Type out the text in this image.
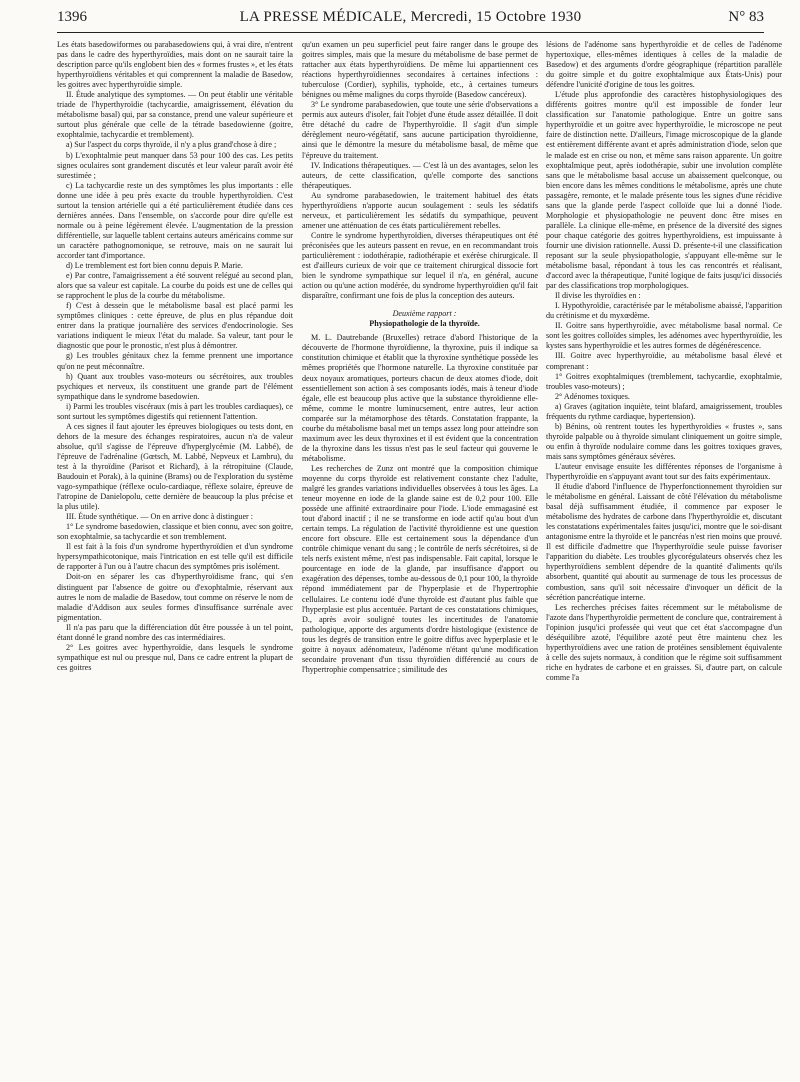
1396	LA PRESSE MÉDICALE, Mercredi, 15 Octobre 1930	N° 83

Les états basedowiformes ou parabasedowiens qui, à vrai dire, n'entrent pas dans le cadre des hyperthyroïdies, mais dont on ne saurait taire la description parce qu'ils englobent bien des « formes frustes », et les états hyperthyroïdiens véritables et qui comprennent la maladie de Basedow, les goitres avec hyperthyroïdie simple.

II. Étude analytique des symptomes. — On peut établir une véritable triade de l'hyperthyroïdie (tachycardie, amaigrissement, élévation du métabolisme basal) qui, par sa constance, prend une valeur supérieure et surtout plus générale que celle de la tétrade basedowienne (goitre, exophtalmie, tachycardie et tremblement).

a) Sur l'aspect du corps thyroïde, il n'y a plus grand'chose à dire ;

b) L'exophtalmie peut manquer dans 53 pour 100 des cas. Les petits signes oculaires sont grandement discutés et leur valeur paraît avoir été surestimée ;

c) La tachycardie reste un des symptômes les plus importants : elle donne une idée à peu près exacte du trouble hyperthyroïdien. C'est surtout la tension artérielle qui a été particulièrement étudiée dans ces dernières années. Dans l'ensemble, on s'accorde pour dire qu'elle est normale ou à peine légèrement élevée. L'augmentation de la pression différentielle, sur laquelle tablent certains auteurs américains comme sur un caractère pathognomonique, se retrouve, mais on ne saurait lui accorder tant d'importance.

d) Le tremblement est fort bien connu depuis P. Marie.

e) Par contre, l'amaigrissement a été souvent relégué au second plan, alors que sa valeur est capitale. La courbe du poids est une de celles qui se rapprochent le plus de la courbe du métabolisme.

f) C'est à dessein que le métabolisme basal est placé parmi les symptômes cliniques : cette épreuve, de plus en plus répandue doit entrer dans la pratique journalière des services d'endocrinologie. Ses variations indiquent le mieux l'état du malade. Sa valeur, tant pour le diagnostic que pour le pronostic, n'est plus à démontrer.

g) Les troubles génitaux chez la femme prennent une importance qu'on ne peut méconnaître.

h) Quant aux troubles vaso-moteurs ou sécrétoires, aux troubles psychiques et nerveux, ils constituent une grande part de l'élément sympathique dans le syndrome basedowien.

i) Parmi les troubles viscéraux (mis à part les troubles cardiaques), ce sont surtout les symptômes digestifs qui retiennent l'attention.

A ces signes il faut ajouter les épreuves biologiques ou tests dont, en dehors de la mesure des échanges respiratoires, aucun n'a de valeur absolue, qu'il s'agisse de l'épreuve d'hyperglycémie (M. Labbé), de l'épreuve de l'adrénaline (Gœtsch, M. Labbé, Nepveux et Lambru), du test à la thyroïdine (Parisot et Richard), à la rétropituine (Claude, Baudouin et Porak), à la quinine (Brams) ou de l'exploration du système vago-sympathique (réflexe oculo-cardiaque, réflexe solaire, épreuve de l'atropine de Danielopolu, cette dernière de beaucoup la plus précise et la plus utile).

III. Étude synthétique. — On en arrive donc à distinguer :

1° Le syndrome basedowien, classique et bien connu, avec son goitre, son exophtalmie, sa tachycardie et son tremblement.

Il est fait à la fois d'un syndrome hyperthyroïdien et d'un syndrome hypersympathicotonique, mais l'intrication en est telle qu'il est difficile de rapporter à l'un ou à l'autre chacun des symptômes pris isolément.

Doit-on en séparer les cas d'hyperthyroïdisme franc, qui s'en distinguent par l'absence de goitre ou d'exophtalmie, réservant aux autres le nom de maladie de Basedow, tout comme on réserve le nom de maladie d'Addison aux seules formes d'insuffisance surrénale avec pigmentation.

Il n'a pas paru que la différenciation dût être poussée à un tel point, étant donné le grand nombre des cas intermédiaires.

2° Les goitres avec hyperthyroïdie, dans lesquels le syndrome sympathique est nul ou presque nul, Dans ce cadre entrent la plupart de ces goitres

qu'un examen un peu superficiel peut faire ranger dans le groupe des goitres simples, mais que la mesure du métabolisme de base permet de rattacher aux états hyperthyroïdiens. De même lui appartiennent ces réactions hyperthyroïdiennes secondaires à certaines infections : tuberculose (Cordier), syphilis, typhoïde, etc., à certaines tumeurs bénignes ou même malignes du corps thyroïde (Basedow cancéreux).

3° Le syndrome parabasedowien, que toute une série d'observations a permis aux auteurs d'isoler, fait l'objet d'une étude assez détaillée. Il doit être détaché du cadre de l'hyperthyroïdie. Il s'agit d'un simple dérèglement neuro-végétatif, sans aucune participation thyroïdienne, ainsi que le démontre la mesure du métabolisme basal, de même que l'épreuve du traitement.

IV. Indications thérapeutiques. — C'est là un des avantages, selon les auteurs, de cette classification, qu'elle comporte des sanctions thérapeutiques.

Au syndrome parabasedowien, le traitement habituel des états hyperthyroïdiens n'apporte aucun soulagement : seuls les sédatifs nerveux, et particulièrement les sédatifs du sympathique, peuvent amener une atténuation de ces états particulièrement rebelles.

Contre le syndrome hyperthyroïdien, diverses thérapeutiques ont été préconisées que les auteurs passent en revue, en en recommandant trois particulièrement : iodothérapie, radiothérapie et exérèse chirurgicale. Il est d'ailleurs curieux de voir que ce traitement chirurgical dissocie fort bien le syndrome sympathique sur lequel il n'a, en général, aucune action ou qu'une action modérée, du syndrome hyperthyroïdien qu'il fait disparaître, confirmant une fois de plus la conception des auteurs.

Deuxième rapport :

Physiopathologie de la thyroïde.

M. L. Dautrebande (Bruxelles) retrace d'abord l'historique de la découverte de l'hormone thyroïdienne, la thyroxine, puis il indique sa constitution chimique et établit que la thyroxine synthétique possède les mêmes propriétés que l'hormone naturelle. La thyroxine constituée par deux noyaux aromatiques, porteurs chacun de deux atomes d'iode, doit essentiellement son action à ses composants iodés, mais à teneur d'iode égale, elle est beaucoup plus active que la substance thyroïdienne elle-même, comme le montre luminucsement, entre autres, leur action comparée sur la métamorphose des têtards. Constatation frappante, la courbe du métabolisme basal met un temps assez long pour atteindre son maximum avec les deux thyroxines et il est évident que la concentration de la thyroxine dans les tissus n'est pas le seul facteur qui gouverne le métabolisme.

Les recherches de Zunz ont montré que la composition chimique moyenne du corps thyroïde est relativement constante chez l'adulte, malgré les grandes variations individuelles observées à tous les âges. La teneur moyenne en iode de la glande saine est de 0,2 pour 100. Elle possède une affinité extraordinaire pour l'iode. L'iode emmagasiné est tout d'abord inactif ; il ne se transforme en iode actif qu'au bout d'un certain temps. La régulation de l'activité thyroïdienne est une question encore fort obscure. Elle est certainement sous la dépendance d'un contrôle chimique venant du sang ; le contrôle de nerfs sécrétoires, si de tels nerfs existent même, n'est pas indispensable. Fait capital, lorsque le pourcentage en iode de la glande, par insuffisance d'apport ou exagération des dépenses, tombe au-dessous de 0,1 pour 100, la thyroïde répond immédiatement par de l'hyperplasie et de l'hypertrophie cellulaires. Le contenu iodé d'une thyroïde est d'autant plus faible que l'hyperplasie est plus accentuée. Partant de ces constatations chimiques, D., après avoir souligné toutes les incertitudes de l'anatomie pathologique, apporte des arguments d'ordre histologique (existence de tous les degrés de transition entre le goitre diffus avec hyperplasie et le goitre à noyaux adénomateux, l'adénome n'étant qu'une modification secondaire provenant d'un tissu thyroïdien différencié au cours de l'hypertrophie compensatrice ; similitude des

lésions de l'adénome sans hyperthyroïdie et de celles de l'adénome hypertoxique, elles-mêmes identiques à celles de la maladie de Basedow) et des arguments d'ordre géographique (répartition parallèle du goitre simple et du goitre exophtalmique aux États-Unis) pour défendre l'unicité d'origine de tous les goitres.

L'étude plus approfondie des caractères histophysiologiques des différents goitres montre qu'il est impossible de fonder leur classification sur l'anatomie pathologique. Entre un goitre sans hyperthyroïdie et un goitre avec hyperthyroïdie, le microscope ne peut faire de distinction nette. D'ailleurs, l'image microscopique de la glande est entièrement différente avant et après administration d'iode, selon que le malade est en crise ou non, et même sans raison apparente. Un goitre exophtalmique peut, après iodothérapie, subir une involution complète sans que le métabolisme basal accuse un abaissement quelconque, ou bien encore dans les mêmes conditions le métabolisme, après une chute passagère, remonte, et le malade présente tous les signes d'une récidive sans que la glande perde l'aspect colloïde que lui a donné l'iode. Morphologie et physiopathologie ne peuvent donc être mises en parallèle. La clinique elle-même, en présence de la diversité des signes pour chaque catégorie des goitres hyperthyroïdiens, est impuissante à fournir une division rationnelle. Aussi D. présente-t-il une classification reposant sur la seule physiopathologie, s'appuyant elle-même sur le métabolisme basal, répondant à tous les cas rencontrés et réalisant, d'accord avec la thérapeutique, l'unité logique de faits jusqu'ici dissociés par des classifications trop morphologiques.

Il divise les thyroïdies en :

I. Hypothyroïdie, caractérisée par le métabolisme abaissé, l'apparition du crétinisme et du myxœdème.

II. Goitre sans hyperthyroïdie, avec métabolisme basal normal. Ce sont les goitres colloïdes simples, les adénomes avec hyperthyroïdie, les kystes sans hyperthyroïdie et les autres formes de dégénérescence.

III. Goitre avec hyperthyroïdie, au métabolisme basal élevé et comprenant :

1° Goitres exophtalmiques (tremblement, tachycardie, exophtalmie, troubles vaso-moteurs) ;

2° Adénomes toxiques.

a) Graves (agitation inquiète, teint blafard, amaigrissement, troubles fréquents du rythme cardiaque, hypertension).

b) Bénins, où rentrent toutes les hyperthyroïdies « frustes », sans thyroïde palpable ou à thyroïde simulant cliniquement un goitre simple, ou enfin à thyroïde nodulaire comme dans les goitres toxiques graves, mais sans symptômes généraux sévères.

L'auteur envisage ensuite les différentes réponses de l'organisme à l'hyperthyroïdie en s'appuyant avant tout sur des faits expérimentaux.

Il étudie d'abord l'influence de l'hyperfonctionnement thyroïdien sur le métabolisme en général. Laissant de côté l'élévation du métabolisme basal déjà suffisamment étudiée, il commence par exposer le métabolisme des hydrates de carbone dans l'hyperthyroïdie et, discutant les constatations expérimentales faites jusqu'ici, montre que le soi-disant antagonisme entre la thyroïde et le pancréas n'est rien moins que prouvé. Il est difficile d'admettre que l'hyperthyroïdie seule puisse favoriser l'apparition du diabète. Les troubles glycorégulateurs observés chez les hyperthyroïdiens semblent dépendre de la quantité d'aliments qu'ils absorbent, quantité qui aboutit au surmenage de tous les processus de combustion, sans qu'il soit nécessaire d'invoquer un déficit de la sécrétion pancréatique interne.

Les recherches précises faites récemment sur le métabolisme de l'azote dans l'hyperthyroïdie permettent de conclure que, contrairement à l'opinion jusqu'ici professée qui veut que cet état s'accompagne d'un déséquilibre azoté, l'équilibre azoté peut être maintenu chez les hyperthyroïdiens avec une ration de protéines sensiblement équivalente à celle des sujets normaux, à condition que le régime soit suffisamment riche en hydrates de carbone et en graisses. Si, d'autre part, on calcule comme l'a
